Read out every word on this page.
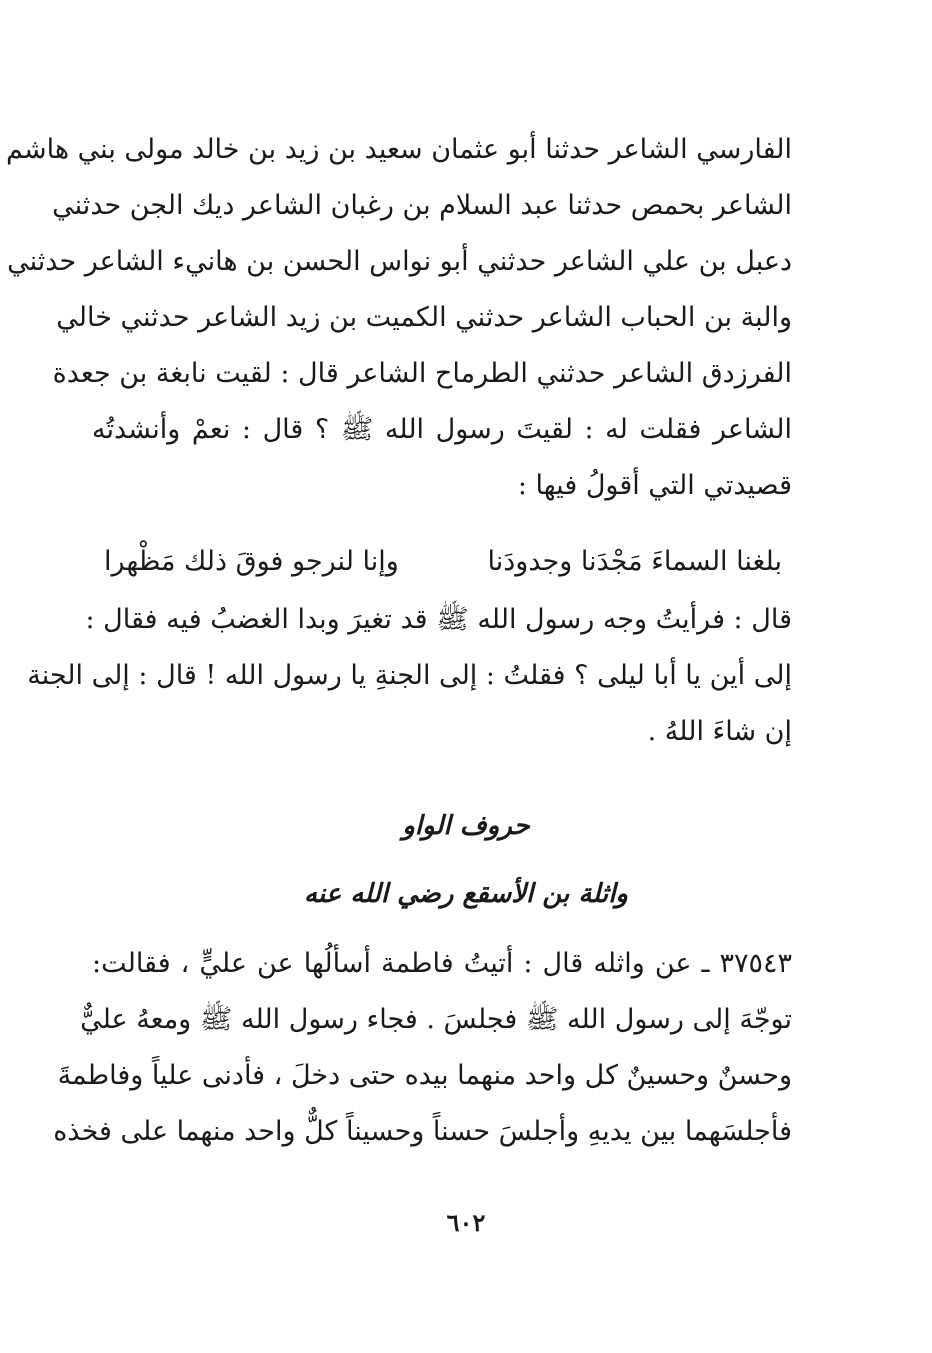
الفارسي الشاعر حدثنا أبو عثمان سعيد بن زيد بن خالد مولى بني هاشم
الشاعر بحمص حدثنا عبد السلام بن رغبان الشاعر ديك الجن حدثني
دعبل بن علي الشاعر حدثني أبو نواس الحسن بن هانيء الشاعر حدثني
والبة بن الحباب الشاعر حدثني الكميت بن زيد الشاعر حدثني خالي
الفرزدق الشاعر حدثني الطرماح الشاعر قال : لقيت نابغة بن جعدة
الشاعر فقلت له : لقيتَ رسول الله ﷺ ؟ قال : نعمْ وأنشدتُه
قصيدتي التي أقولُ فيها :
بلغنا السماءَ مَجْدَنا وجدودَنا
وإنا لنرجو فوقَ ذلك مَظْهرا
قال : فرأيتُ وجه رسول الله ﷺ قد تغيرَ وبدا الغضبُ فيه فقال :
إلى أين يا أبا ليلى ؟ فقلتُ : إلى الجنةِ يا رسول الله ! قال : إلى الجنة
إن شاءَ اللهُ .
حروف الواو
واثلة بن الأسقع رضي الله عنه
٣٧٥٤٣ ـ عن واثله قال : أتيتُ فاطمة أسألُها عن عليٍّ ، فقالت:
توجّهَ إلى رسول الله ﷺ فجلسَ . فجاء رسول الله ﷺ ومعهُ عليٌّ
وحسنٌ وحسينٌ كل واحد منهما بيده حتى دخلَ ، فأدنى علياً وفاطمةَ
فأجلسَهما بين يديهِ وأجلسَ حسناً وحسيناً كلٌّ واحد منهما على فخذه
٦٠٢
